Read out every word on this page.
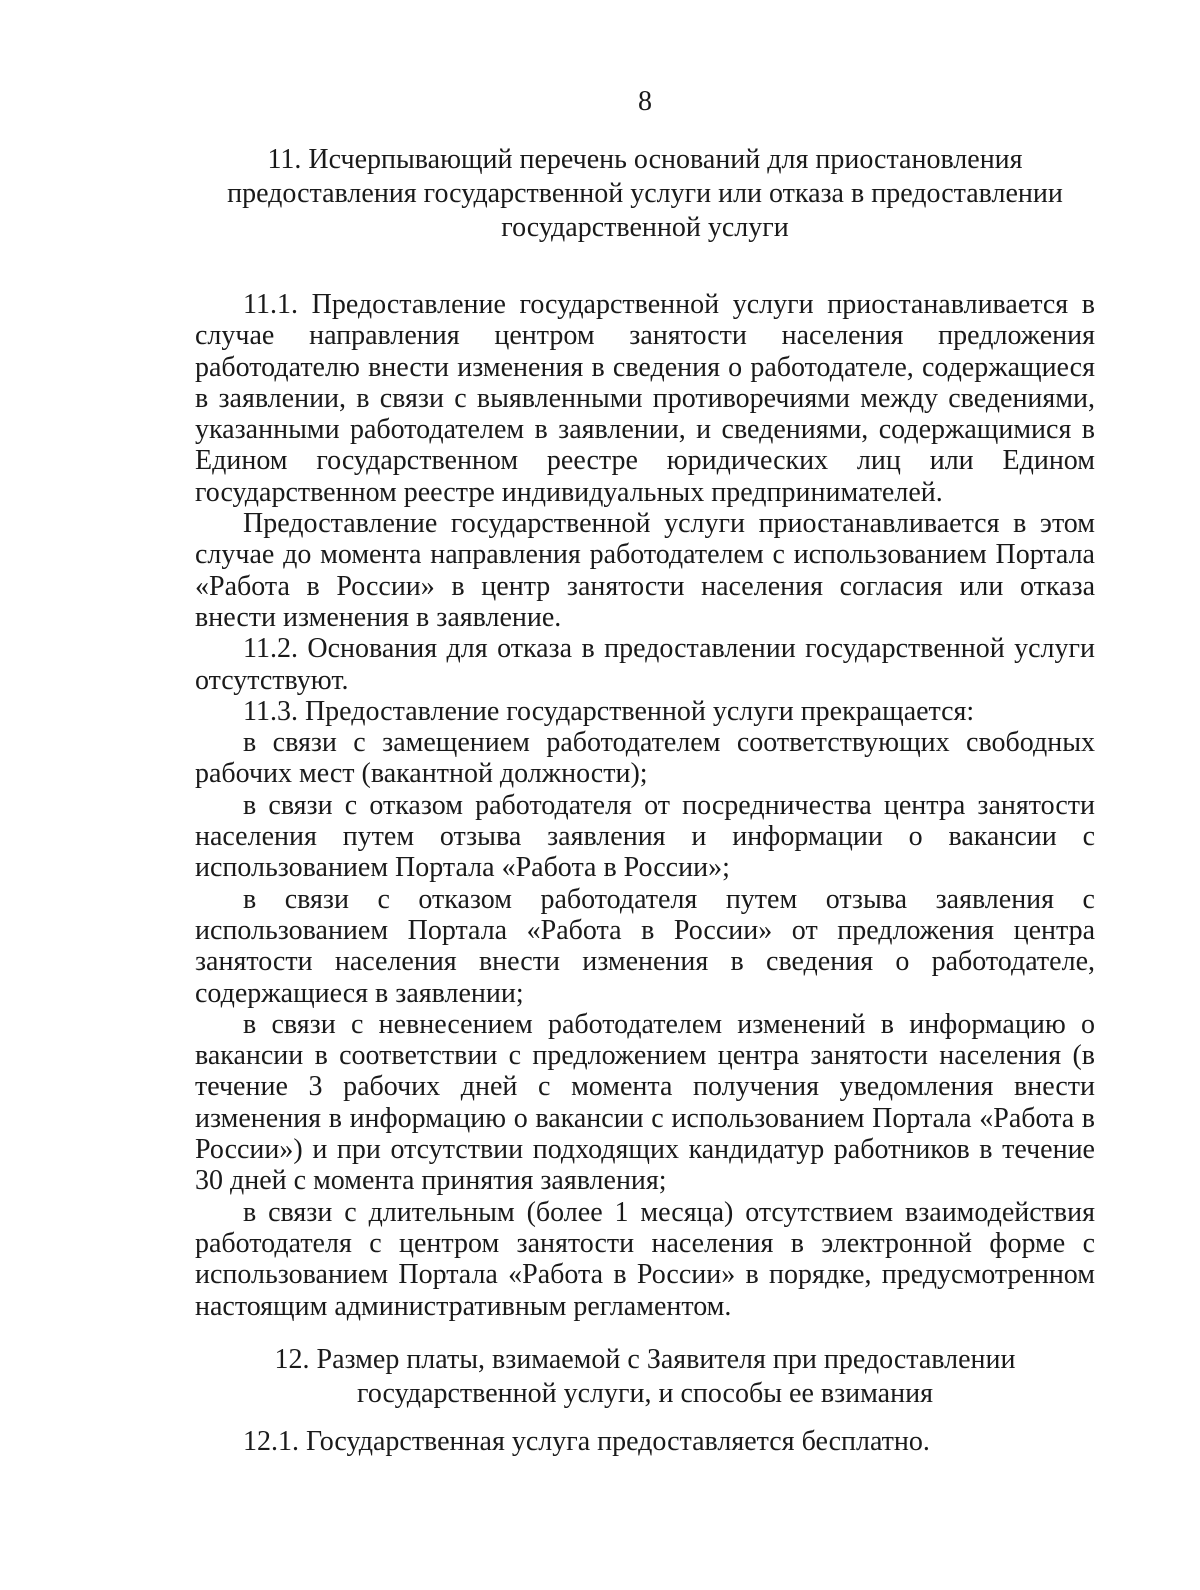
8
11. Исчерпывающий перечень оснований для приостановления
предоставления государственной услуги или отказа в предоставлении
государственной услуги

11.1. Предоставление государственной услуги приостанавливается в случае направления центром занятости населения предложения работодателю внести изменения в сведения о работодателе, содержащиеся в заявлении, в связи с выявленными противоречиями между сведениями, указанными работодателем в заявлении, и сведениями, содержащимися в Едином государственном реестре юридических лиц или Едином государственном реестре индивидуальных предпринимателей.

Предоставление государственной услуги приостанавливается в этом случае до момента направления работодателем с использованием Портала «Работа в России» в центр занятости населения согласия или отказа внести изменения в заявление.

11.2. Основания для отказа в предоставлении государственной услуги отсутствуют.

11.3. Предоставление государственной услуги прекращается:

в связи с замещением работодателем соответствующих свободных рабочих мест (вакантной должности);

в связи с отказом работодателя от посредничества центра занятости населения путем отзыва заявления и информации о вакансии с использованием Портала «Работа в России»;

в связи с отказом работодателя путем отзыва заявления с использованием Портала «Работа в России» от предложения центра занятости населения внести изменения в сведения о работодателе, содержащиеся в заявлении;

в связи с невнесением работодателем изменений в информацию о вакансии в соответствии с предложением центра занятости населения (в течение 3 рабочих дней с момента получения уведомления внести изменения в информацию о вакансии с использованием Портала «Работа в России») и при отсутствии подходящих кандидатур работников в течение 30 дней с момента принятия заявления;

в связи с длительным (более 1 месяца) отсутствием взаимодействия работодателя с центром занятости населения в электронной форме с использованием Портала «Работа в России» в порядке, предусмотренном настоящим административным регламентом.

12. Размер платы, взимаемой с Заявителя при предоставлении
государственной услуги, и способы ее взимания

12.1. Государственная услуга предоставляется бесплатно.
